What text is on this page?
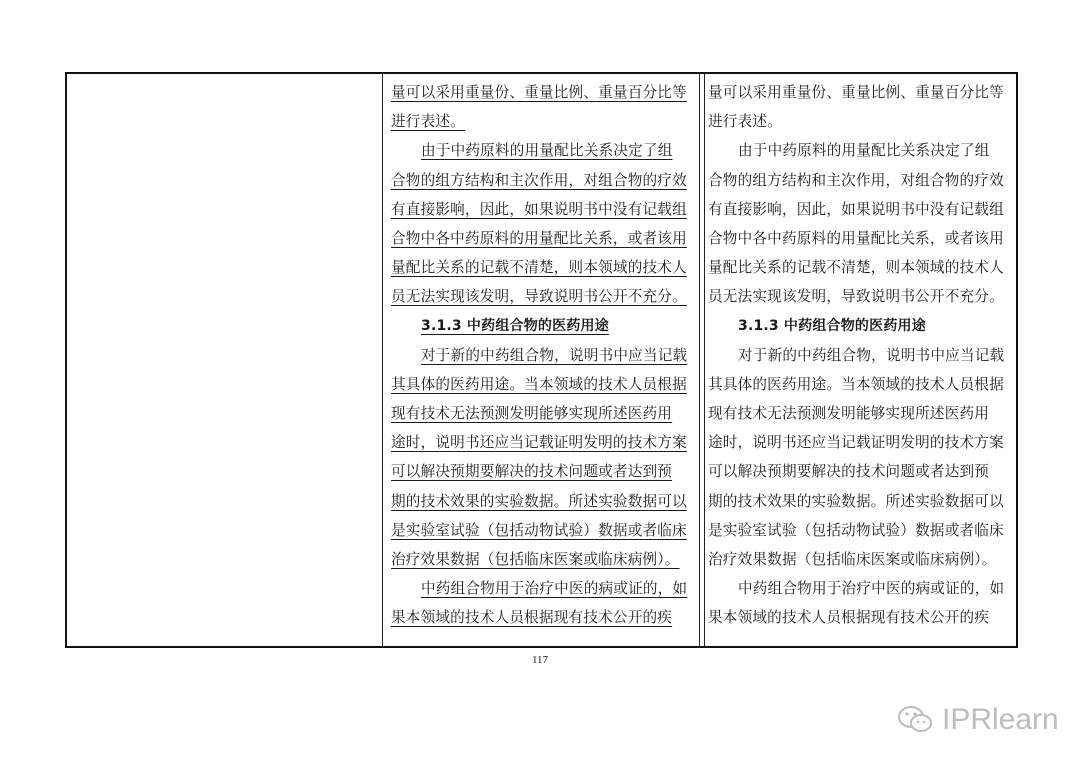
量可以采用重量份、重量比例、重量百分比等
进行表述。
由于中药原料的用量配比关系决定了组
合物的组方结构和主次作用，对组合物的疗效
有直接影响，因此，如果说明书中没有记载组
合物中各中药原料的用量配比关系，或者该用
量配比关系的记载不清楚，则本领域的技术人
员无法实现该发明，导致说明书公开不充分。
3.1.3 中药组合物的医药用途
对于新的中药组合物，说明书中应当记载
其具体的医药用途。当本领域的技术人员根据
现有技术无法预测发明能够实现所述医药用
途时，说明书还应当记载证明发明的技术方案
可以解决预期要解决的技术问题或者达到预
期的技术效果的实验数据。所述实验数据可以
是实验室试验（包括动物试验）数据或者临床
治疗效果数据（包括临床医案或临床病例）。
中药组合物用于治疗中医的病或证的，如
果本领域的技术人员根据现有技术公开的疾
量可以采用重量份、重量比例、重量百分比等
进行表述。
由于中药原料的用量配比关系决定了组
合物的组方结构和主次作用，对组合物的疗效
有直接影响，因此，如果说明书中没有记载组
合物中各中药原料的用量配比关系，或者该用
量配比关系的记载不清楚，则本领域的技术人
员无法实现该发明，导致说明书公开不充分。
3.1.3 中药组合物的医药用途
对于新的中药组合物，说明书中应当记载
其具体的医药用途。当本领域的技术人员根据
现有技术无法预测发明能够实现所述医药用
途时，说明书还应当记载证明发明的技术方案
可以解决预期要解决的技术问题或者达到预
期的技术效果的实验数据。所述实验数据可以
是实验室试验（包括动物试验）数据或者临床
治疗效果数据（包括临床医案或临床病例）。
中药组合物用于治疗中医的病或证的，如
果本领域的技术人员根据现有技术公开的疾
117
IPRlearn
